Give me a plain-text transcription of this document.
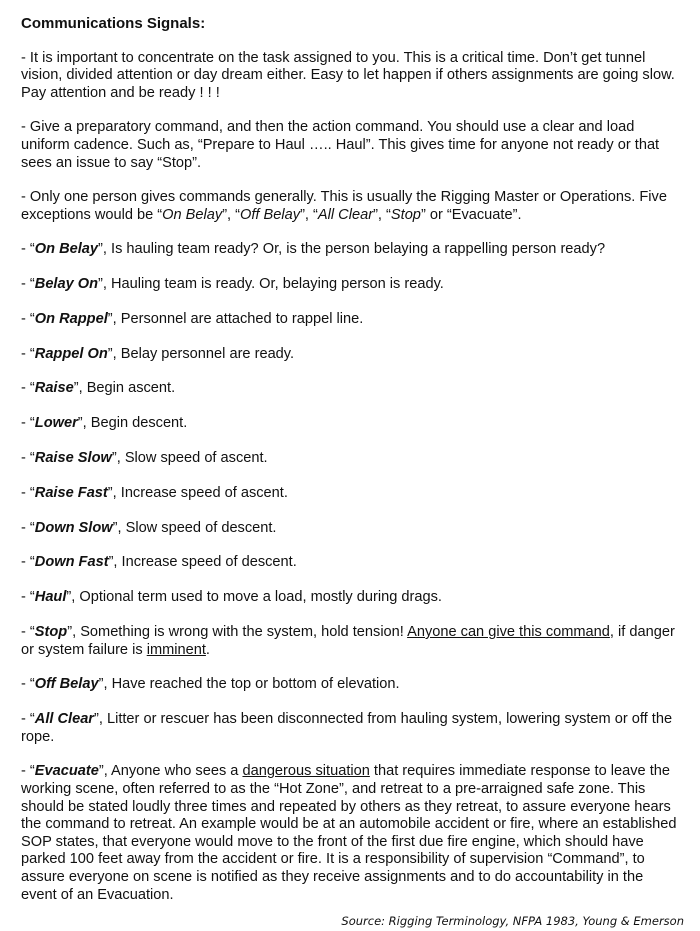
Communications Signals:
- It is important to concentrate on the task assigned to you. This is a critical time. Don’t get tunnel vision, divided attention or day dream either. Easy to let happen if others assignments are going slow. Pay attention and be ready ! ! !
- Give a preparatory command, and then the action command. You should use a clear and load uniform cadence. Such as, “Prepare to Haul ….. Haul”. This gives time for anyone not ready or that sees an issue to say “Stop”.
- Only one person gives commands generally. This is usually the Rigging Master or Operations. Five exceptions would be “On Belay”, “Off Belay”, “All Clear”, “Stop” or “Evacuate”.
- “On Belay”, Is hauling team ready? Or, is the person belaying a rappelling person ready?
- “Belay On”, Hauling team is ready. Or, belaying person is ready.
- “On Rappel”, Personnel are attached to rappel line.
- “Rappel On”, Belay personnel are ready.
- “Raise”, Begin ascent.
- “Lower”, Begin descent.
- “Raise Slow”, Slow speed of ascent.
- “Raise Fast”, Increase speed of ascent.
- “Down Slow”, Slow speed of descent.
- “Down Fast”, Increase speed of descent.
- “Haul”, Optional term used to move a load, mostly during drags.
- “Stop”, Something is wrong with the system, hold tension! Anyone can give this command, if danger or system failure is imminent.
- “Off Belay”, Have reached the top or bottom of elevation.
- “All Clear”, Litter or rescuer has been disconnected from hauling system, lowering system or off the rope.
- “Evacuate”, Anyone who sees a dangerous situation that requires immediate response to leave the working scene, often referred to as the “Hot Zone”, and retreat to a pre-arraigned safe zone. This should be stated loudly three times and repeated by others as they retreat, to assure everyone hears the command to retreat. An example would be at an automobile accident or fire, where an established SOP states, that everyone would move to the front of the first due fire engine, which should have parked 100 feet away from the accident or fire. It is a responsibility of supervision “Command”, to assure everyone on scene is notified as they receive assignments and to do accountability in the event of an Evacuation.
Source: Rigging Terminology, NFPA 1983, Young & Emerson
